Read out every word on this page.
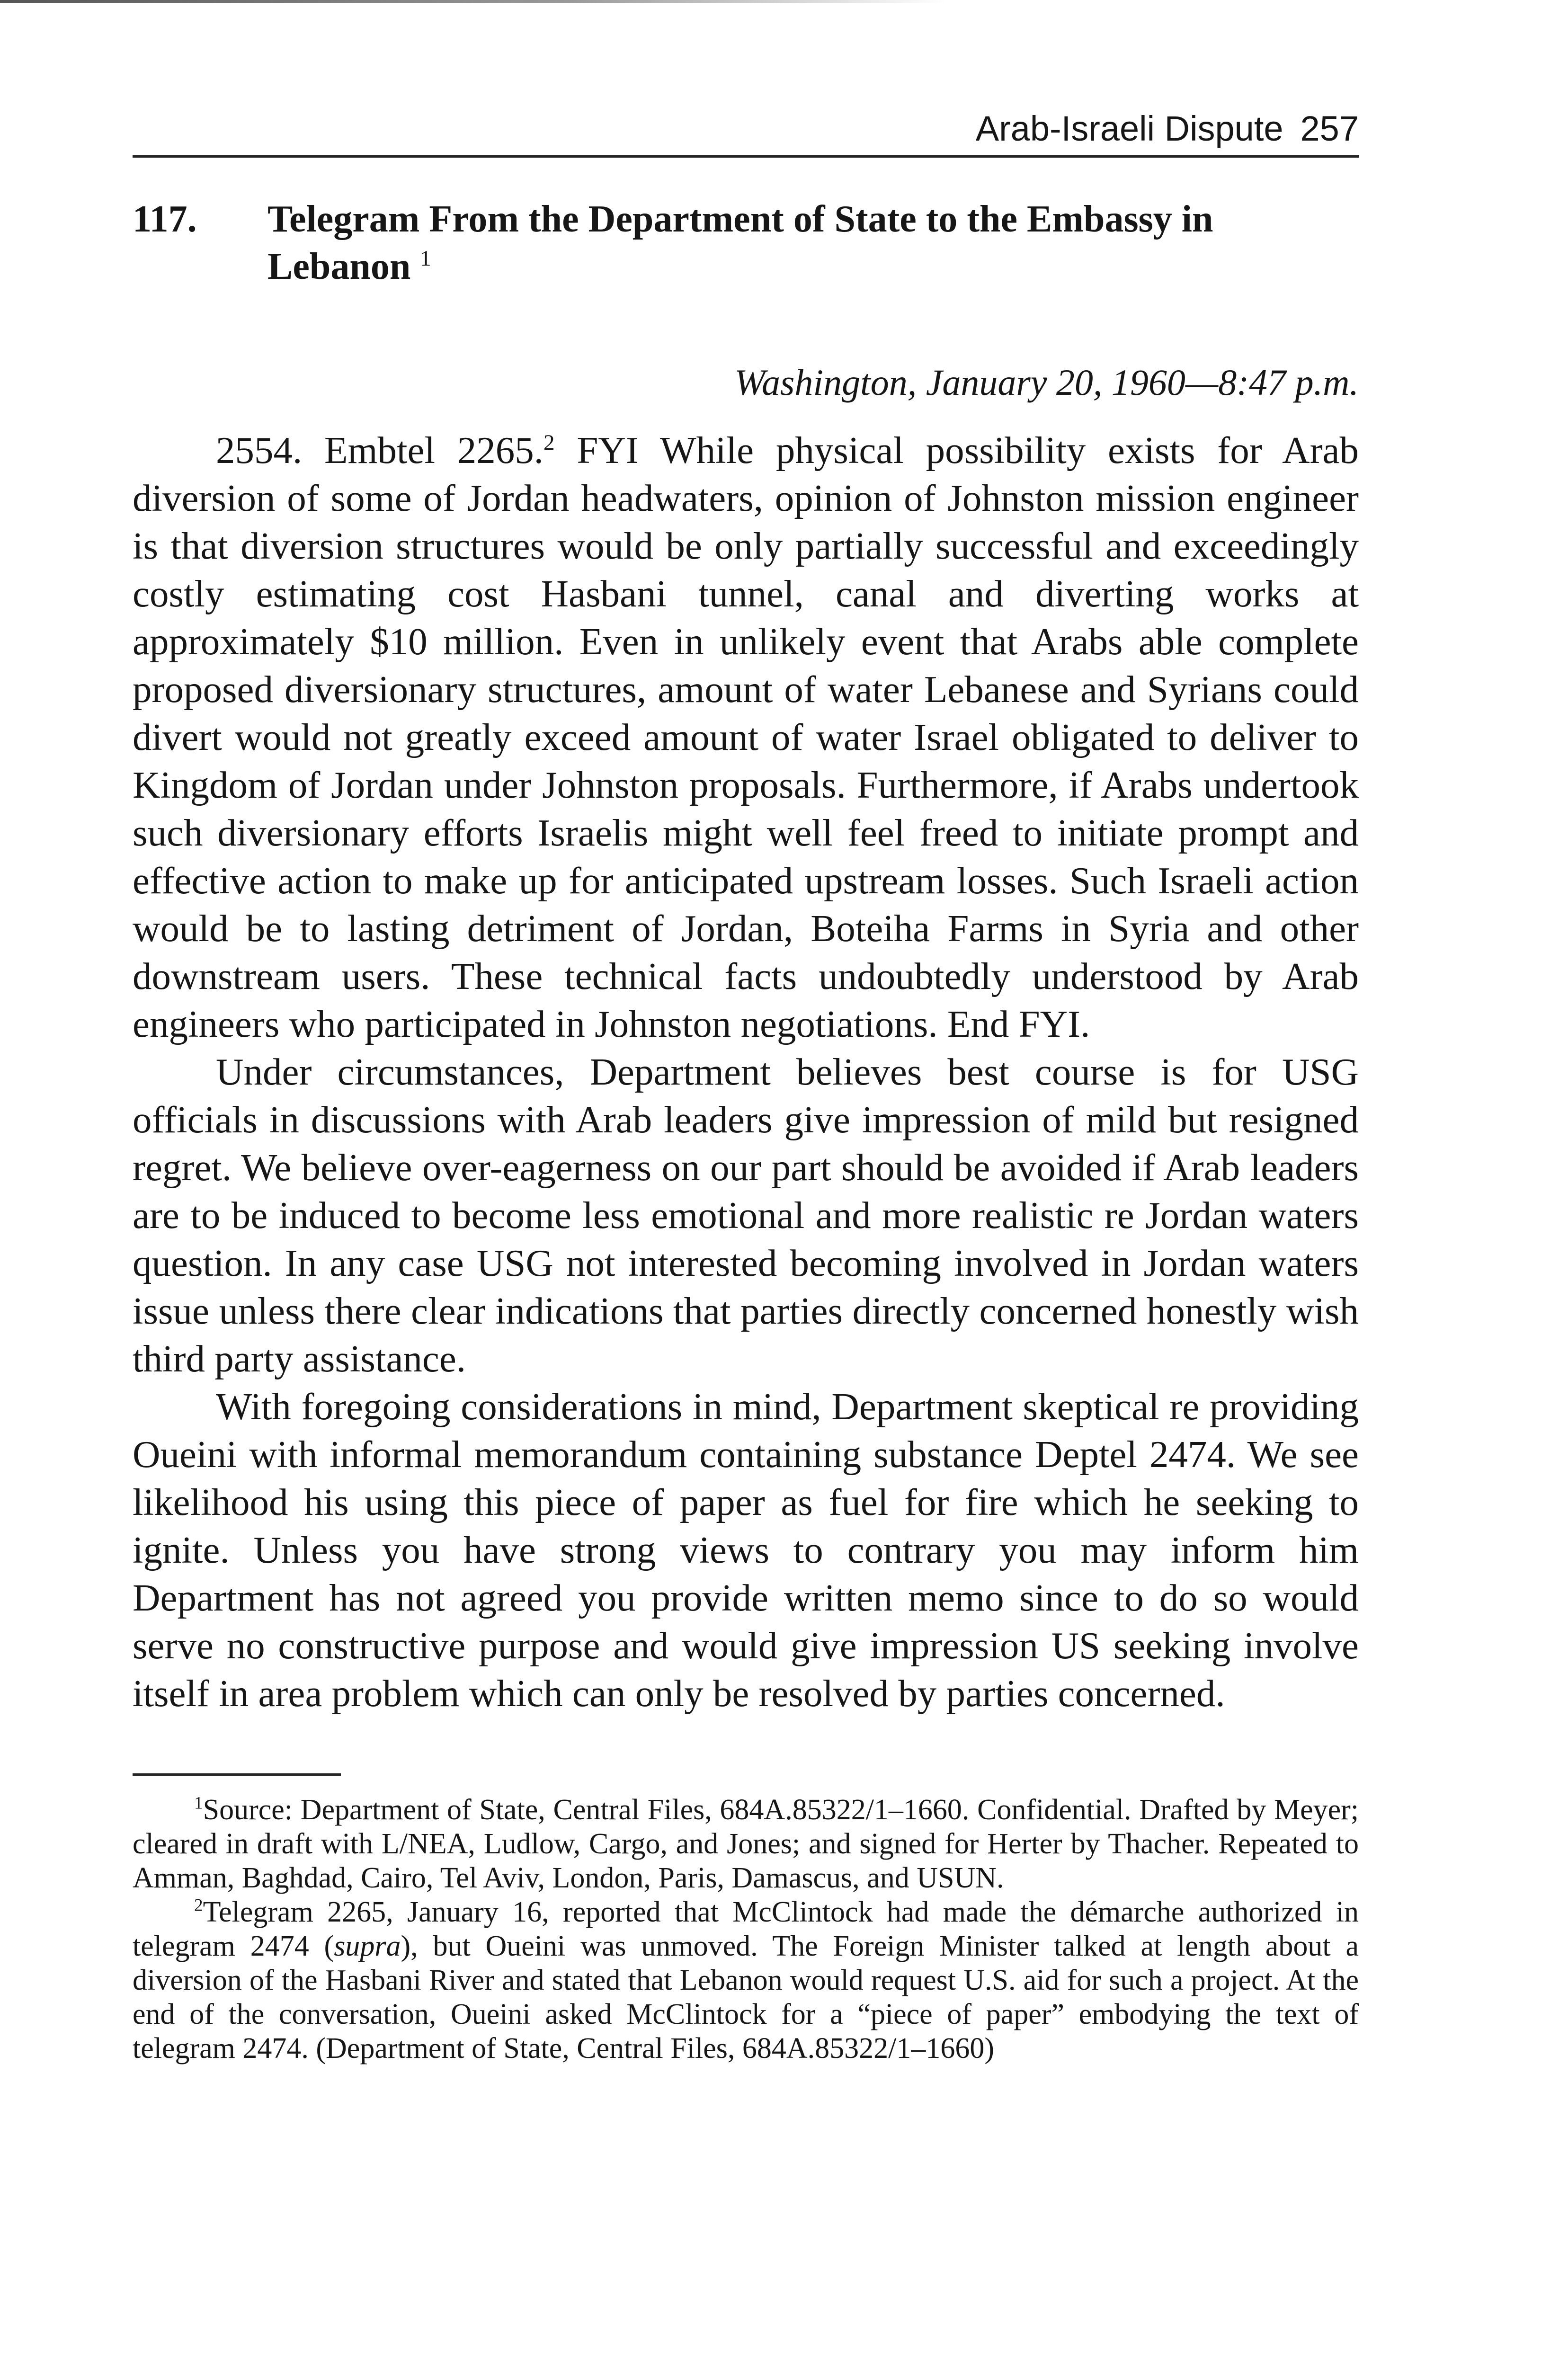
Arab-Israeli Dispute 257
117.	Telegram From the Department of State to the Embassy in Lebanon $^1$
Washington, January 20, 1960—8:47 p.m.

2554. Embtel 2265.$^2$ FYI While physical possibility exists for Arab diversion of some of Jordan headwaters, opinion of Johnston mission engineer is that diversion structures would be only partially successful and exceedingly costly estimating cost Hasbani tunnel, canal and diverting works at approximately $10 million. Even in unlikely event that Arabs able complete proposed diversionary structures, amount of water Lebanese and Syrians could divert would not greatly exceed amount of water Israel obligated to deliver to Kingdom of Jordan under Johnston proposals. Furthermore, if Arabs undertook such diversionary efforts Israelis might well feel freed to initiate prompt and effective action to make up for anticipated upstream losses. Such Israeli action would be to lasting detriment of Jordan, Boteiha Farms in Syria and other downstream users. These technical facts undoubtedly understood by Arab engineers who participated in Johnston negotiations. End FYI.

Under circumstances, Department believes best course is for USG officials in discussions with Arab leaders give impression of mild but resigned regret. We believe over-eagerness on our part should be avoided if Arab leaders are to be induced to become less emotional and more realistic re Jordan waters question. In any case USG not interested becoming involved in Jordan waters issue unless there clear indications that parties directly concerned honestly wish third party assistance.

With foregoing considerations in mind, Department skeptical re providing Oueini with informal memorandum containing substance Deptel 2474. We see likelihood his using this piece of paper as fuel for fire which he seeking to ignite. Unless you have strong views to contrary you may inform him Department has not agreed you provide written memo since to do so would serve no constructive purpose and would give impression US seeking involve itself in area problem which can only be resolved by parties concerned.

$^1$Source: Department of State, Central Files, 684A.85322/1–1660. Confidential. Drafted by Meyer; cleared in draft with L/NEA, Ludlow, Cargo, and Jones; and signed for Herter by Thacher. Repeated to Amman, Baghdad, Cairo, Tel Aviv, London, Paris, Damascus, and USUN.

$^2$Telegram 2265, January 16, reported that McClintock had made the démarche authorized in telegram 2474 (supra), but Oueini was unmoved. The Foreign Minister talked at length about a diversion of the Hasbani River and stated that Lebanon would request U.S. aid for such a project. At the end of the conversation, Oueini asked McClintock for a “piece of paper” embodying the text of telegram 2474. (Department of State, Central Files, 684A.85322/1–1660)
